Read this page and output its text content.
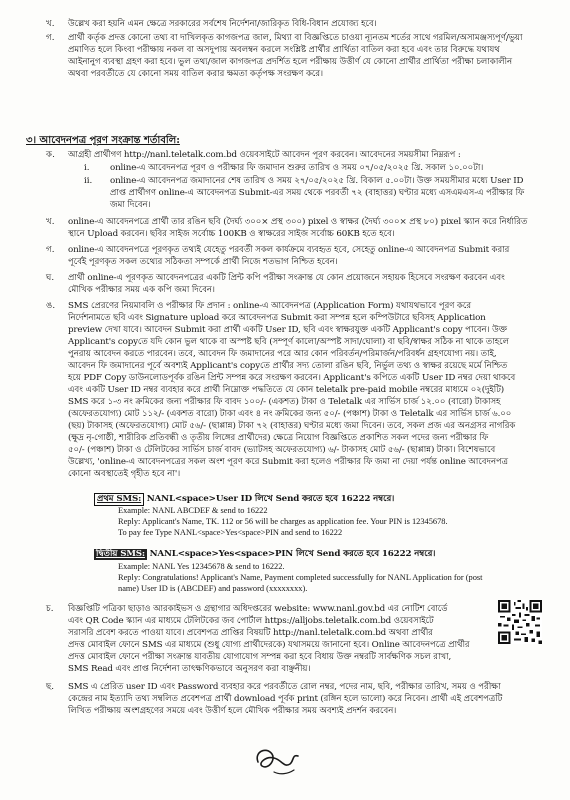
খ.	উল্লেখ করা হয়নি এমন ক্ষেত্রে সরকারের সর্বশেষ নির্দেশনা/জারিকৃত বিধি-বিধান প্রযোজ্য হবে।
গ.	প্রার্থী কর্তৃক প্রদত্ত কোনো তথ্য বা দাখিলকৃত কাগজপত্র জাল, মিথ্যা বা বিজ্ঞপ্তিতে চাওয়া ন্যূনতম শর্তের সাথে গরমিল/অসামঞ্জস্যপূর্ণ/ভুয়া
প্রমাণিত হলে কিংবা পরীক্ষায় নকল বা অসদুপায় অবলম্বন করলে সংশ্লিষ্ট প্রার্থীর প্রার্থিতা বাতিল করা হবে এবং তার বিরুদ্ধে যথাযথ
আইনানুগ ব্যবস্থা গ্রহণ করা হবে। ভুল তথ্য/জাল কাগজপত্র প্রদর্শিত হলে পরীক্ষায় উত্তীর্ণ যে কোনো প্রার্থীর প্রার্থিতা পরীক্ষা চলাকালীন
অথবা পরবর্তীতে যে কোনো সময় বাতিল করার ক্ষমতা কর্তৃপক্ষ সংরক্ষণ করে।
৩। আবেদনপত্র পূরণ সংক্রান্ত শর্তাবলি:
ক.	আগ্রহী প্রার্থীগণ http://nanl.teletalk.com.bd ওয়েবসাইটে আবেদন পূরণ করবেন। আবেদনের সময়সীমা নিম্নরূপ :
i.	online-এ আবেদনপত্র পূরণ ও পরীক্ষার ফি জমাদান শুরুর তারিখ ও সময় ০৭/০৫/২০২৫ খ্রি. সকাল ১০.০০টা।
ii.	online-এ আবেদনপত্র জমাদানের শেষ তারিখ ও সময় ২৭/০৫/২০২৫ খ্রি. বিকাল ৫.০০টা। উক্ত সময়সীমার মধ্যে User ID
প্রাপ্ত প্রার্থীগণ online-এ আবেদনপত্র Submit-এর সময় থেকে পরবর্তী ৭২ (বাহাত্তর) ঘণ্টার মধ্যে এসএমএস-এ পরীক্ষার ফি
জমা দিবেন।
খ.	online-এ আবেদনপত্রে প্রার্থী তার রঙিন ছবি (দৈর্ঘ্য ৩০০× প্রস্থ ৩০০) pixel ও স্বাক্ষর (দৈর্ঘ্য ৩০০× প্রস্থ ৮০) pixel স্ক্যান করে নির্ধারিত
স্থানে Upload করবেন। ছবির সাইজ সর্বোচ্চ 100KB ও স্বাক্ষরের সাইজ সর্বোচ্চ 60KB হতে হবে।
গ.	online-এ আবেদনপত্রে পূরণকৃত তথ্যই যেহেতু পরবর্তী সকল কার্যক্রমে ব্যবহৃত হবে, সেহেতু online-এ আবেদনপত্র Submit করার
পূর্বেই পূরণকৃত সকল তথ্যের সঠিকতা সম্পর্কে প্রার্থী নিজে শতভাগ নিশ্চিত হবেন।
ঘ.	প্রার্থী online-এ পূরণকৃত আবেদনপত্রের একটি প্রিন্ট কপি পরীক্ষা সংক্রান্ত যে কোন প্রয়োজনে সহায়ক হিসেবে সংরক্ষণ করবেন এবং
মৌখিক পরীক্ষার সময় এক কপি জমা দিবেন।
ঙ.	SMS প্রেরণের নিয়মাবলি ও পরীক্ষার ফি প্রদান : online-এ আবেদনপত্র (Application Form) যথাযথভাবে পূরণ করে
নির্দেশনামতে ছবি এবং Signature upload করে আবেদনপত্র Submit করা সম্পন্ন হলে কম্পিউটারে ছবিসহ Application
preview দেখা যাবে। আবেদন Submit করা প্রার্থী একটি User ID, ছবি এবং স্বাক্ষরযুক্ত একটি Applicant's copy পাবেন। উক্ত
Applicant's copyতে যদি কোন ভুল থাকে বা অস্পষ্ট ছবি (সম্পূর্ণ কালো/অস্পষ্ট সাদা/ঘোলা) বা ছবি/স্বাক্ষর সঠিক না থাকে তাহলে
পুনরায় আবেদন করতে পারবেন। তবে, আবেদন ফি জমাদানের পরে আর কোন পরিবর্তন/পরিমার্জন/পরিবর্ধন গ্রহণযোগ্য নয়। তাই,
আবেদন ফি জমাদানের পূর্বে অবশ্যই Applicant's copyতে প্রার্থীর সদ্য তোলা রঙিন ছবি, নির্ভুল তথ্য ও স্বাক্ষর রয়েছে মর্মে নিশ্চিত
হয়ে PDF Copy ডাউনলোডপূর্বক রঙিন প্রিন্ট সম্পন্ন করে সংরক্ষণ করবেন। Applicant's কপিতে একটি User ID নম্বর দেয়া থাকবে
এবং একটি User ID নম্বর ব্যবহার করে প্রার্থী নিম্নোক্ত পদ্ধতিতে যে কোন teletalk pre-paid mobile নম্বরের মাধ্যমে ০২(দুইটি)
SMS করে ১-৩ নং ক্রমিকের জন্য পরীক্ষার ফি বাবদ ১০০/- (একশত) টাকা ও Teletalk এর সার্ভিস চার্জ ১২.০০ (বারো) টাকাসহ
(অফেরতযোগ্য) মোট ১১২/- (একশত বারো) টাকা এবং ৪ নং ক্রমিকের জন্য ৫০/- (পঞ্চাশ) টাকা ও Teletalk এর সার্ভিস চার্জ ৬.০০
(ছয়) টাকাসহ (অফেরতযোগ্য) মোট ৫৬/- (ছাপ্পান্ন) টাকা ৭২ (বাহাত্তর) ঘণ্টার মধ্যে জমা দিবেন। তবে, সকল প্রজ এর অনগ্রসর নাগরিক
(ক্ষুদ্র নৃ-গোষ্ঠী, শারীরিক প্রতিবন্ধী ও তৃতীয় লিঙ্গের প্রার্থীদের) ক্ষেত্রে নিয়োগ বিজ্ঞপ্তিতে প্রকাশিত সকল পদের জন্য পরীক্ষার ফি
৫০/- (পঞ্চাশ) টাকা ও টেলিটকের সার্ভিস চার্জ বাবদ (ভ্যাটসহ অফেরতযোগ্য) ৬/- টাকাসহ মোট ৫৬/- (ছাপ্পান্ন) টাকা। বিশেষভাবে
উল্লেখ্য, 'online-এ আবেদনপত্রের সকল অংশ পূরণ করে Submit করা হলেও পরীক্ষার ফি জমা না দেয়া পর্যন্ত online আবেদনপত্র
কোনো অবস্থাতেই গৃহীত হবে না'।
প্রথম SMS: NANL<space>User ID লিখে Send করতে হবে 16222 নম্বরে।
Example: NANL ABCDEF & send to 16222
Reply: Applicant's Name, TK. 112 or 56 will be charges as application fee. Your PIN is 12345678.
To pay fee Type NANL<space>Yes<space>PIN and send to 16222
দ্বিতীয় SMS: NANL<space>Yes<space>PIN লিখে Send করতে হবে 16222 নম্বরে।
Example: NANL Yes 12345678 & send to 16222.
Reply: Congratulations! Applicant's Name, Payment completed successfully for NANL Application for (post
name) User ID is (ABCDEF) and password (xxxxxxxx).
চ.	বিজ্ঞপ্তিটি পত্রিকা ছাড়াও আরকাইভস ও গ্রন্থাগার অধিদপ্তরের website: www.nanl.gov.bd এর নোটিশ বোর্ডে
এবং QR Code স্ক্যান এর মাধ্যমে টেলিটকের জব পোর্টাল https://alljobs.teletalk.com.bd ওয়েবসাইটে
সরাসরি প্রবেশ করতে পাওয়া যাবে। প্রবেশপত্র প্রাপ্তির বিষয়টি http://nanl.teletalk.com.bd অথবা প্রার্থীর
প্রদত্ত মোবাইল ফোনে SMS এর মাধ্যমে (শুধু যোগ্য প্রার্থীদেরকে) যথাসময়ে জানানো হবে। Online আবেদনপত্রে প্রার্থীর
প্রদত্ত মোবাইল ফোনে পরীক্ষা সংক্রান্ত যাবতীয় যোগাযোগ সম্পন্ন করা হবে বিধায় উক্ত নম্বরটি সার্বক্ষণিক সচল রাখা,
SMS Read এবং প্রাপ্ত নির্দেশনা তাৎক্ষণিকভাবে অনুসরণ করা বাঞ্ছনীয়।
ছ.	SMS এ প্রেরিত user ID এবং Password ব্যবহার করে পরবর্তীতে রোল নম্বর, পদের নাম, ছবি, পরীক্ষার তারিখ, সময় ও পরীক্ষা
কেন্দ্রের নাম ইত্যাদি তথ্য সম্বলিত প্রবেশপত্র প্রার্থী download পূর্বক print (রঙ্গিন হলে ভালো) করে নিবেন। প্রার্থী এই প্রবেশপত্রটি
লিখিত পরীক্ষায় অংশগ্রহণের সময়ে এবং উত্তীর্ণ হলে মৌখিক পরীক্ষার সময় অবশ্যই প্রদর্শন করবেন।
